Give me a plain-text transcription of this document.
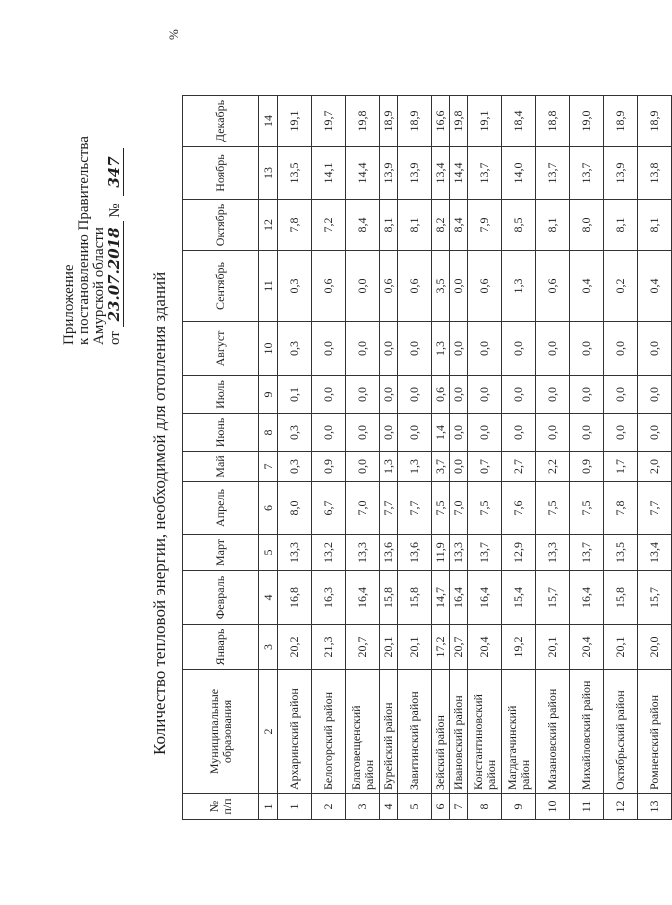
Приложение к постановлению Правительства Амурской области от 23.07.2018 № 347
Количество тепловой энергии, необходимой для отопления зданий
%
№ п/п	Муниципальные образования	Январь	Февраль	Март	Апрель	Май	Июнь	Июль	Август	Сентябрь	Октябрь	Ноябрь	Декабрь
1	2	3	4	5	6	7	8	9	10	11	12	13	14
1	Архаринский район	20,2	16,8	13,3	8,0	0,3	0,3	0,1	0,3	0,3	7,8	13,5	19,1
2	Белогорский район	21,3	16,3	13,2	6,7	0,9	0,0	0,0	0,0	0,6	7,2	14,1	19,7
3	Благовещенский район	20,7	16,4	13,3	7,0	0,0	0,0	0,0	0,0	0,0	8,4	14,4	19,8
4	Бурейский район	20,1	15,8	13,6	7,7	1,3	0,0	0,0	0,0	0,6	8,1	13,9	18,9
5	Завитинский район	20,1	15,8	13,6	7,7	1,3	0,0	0,0	0,0	0,6	8,1	13,9	18,9
6	Зейский район	17,2	14,7	11,9	7,5	3,7	1,4	0,6	1,3	3,5	8,2	13,4	16,6
7	Ивановский район	20,7	16,4	13,3	7,0	0,0	0,0	0,0	0,0	0,0	8,4	14,4	19,8
8	Константиновский район	20,4	16,4	13,7	7,5	0,7	0,0	0,0	0,0	0,6	7,9	13,7	19,1
9	Магдагачинский район	19,2	15,4	12,9	7,6	2,7	0,0	0,0	0,0	1,3	8,5	14,0	18,4
10	Мазановский район	20,1	15,7	13,3	7,5	2,2	0,0	0,0	0,0	0,6	8,1	13,7	18,8
11	Михайловский район	20,4	16,4	13,7	7,5	0,9	0,0	0,0	0,0	0,4	8,0	13,7	19,0
12	Октябрьский район	20,1	15,8	13,5	7,8	1,7	0,0	0,0	0,0	0,2	8,1	13,9	18,9
13	Ромненский район	20,0	15,7	13,4	7,7	2,0	0,0	0,0	0,0	0,4	8,1	13,8	18,9
